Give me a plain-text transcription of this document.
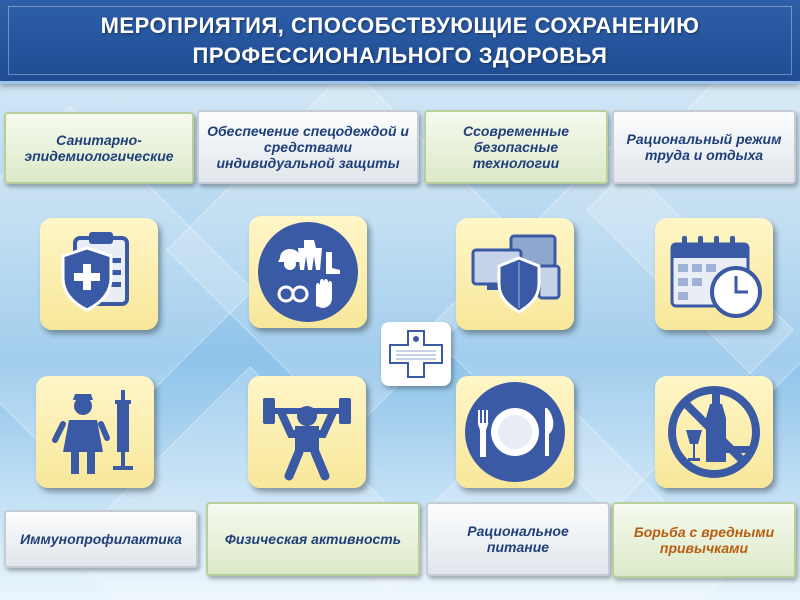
МЕРОПРИЯТИЯ, СПОСОБСТВУЮЩИЕ СОХРАНЕНИЮ
ПРОФЕССИОНАЛЬНОГО ЗДОРОВЬЯ
Санитарно-эпидемиологические
Обеспечение спецодеждой и средствами индивидуальной защиты
Ссовременные безопасные технологии
Рациональный режим труда и отдыха
Иммунопрофилактика	Физическая активность	Рациональное питание
Борьба с вредными привычками
